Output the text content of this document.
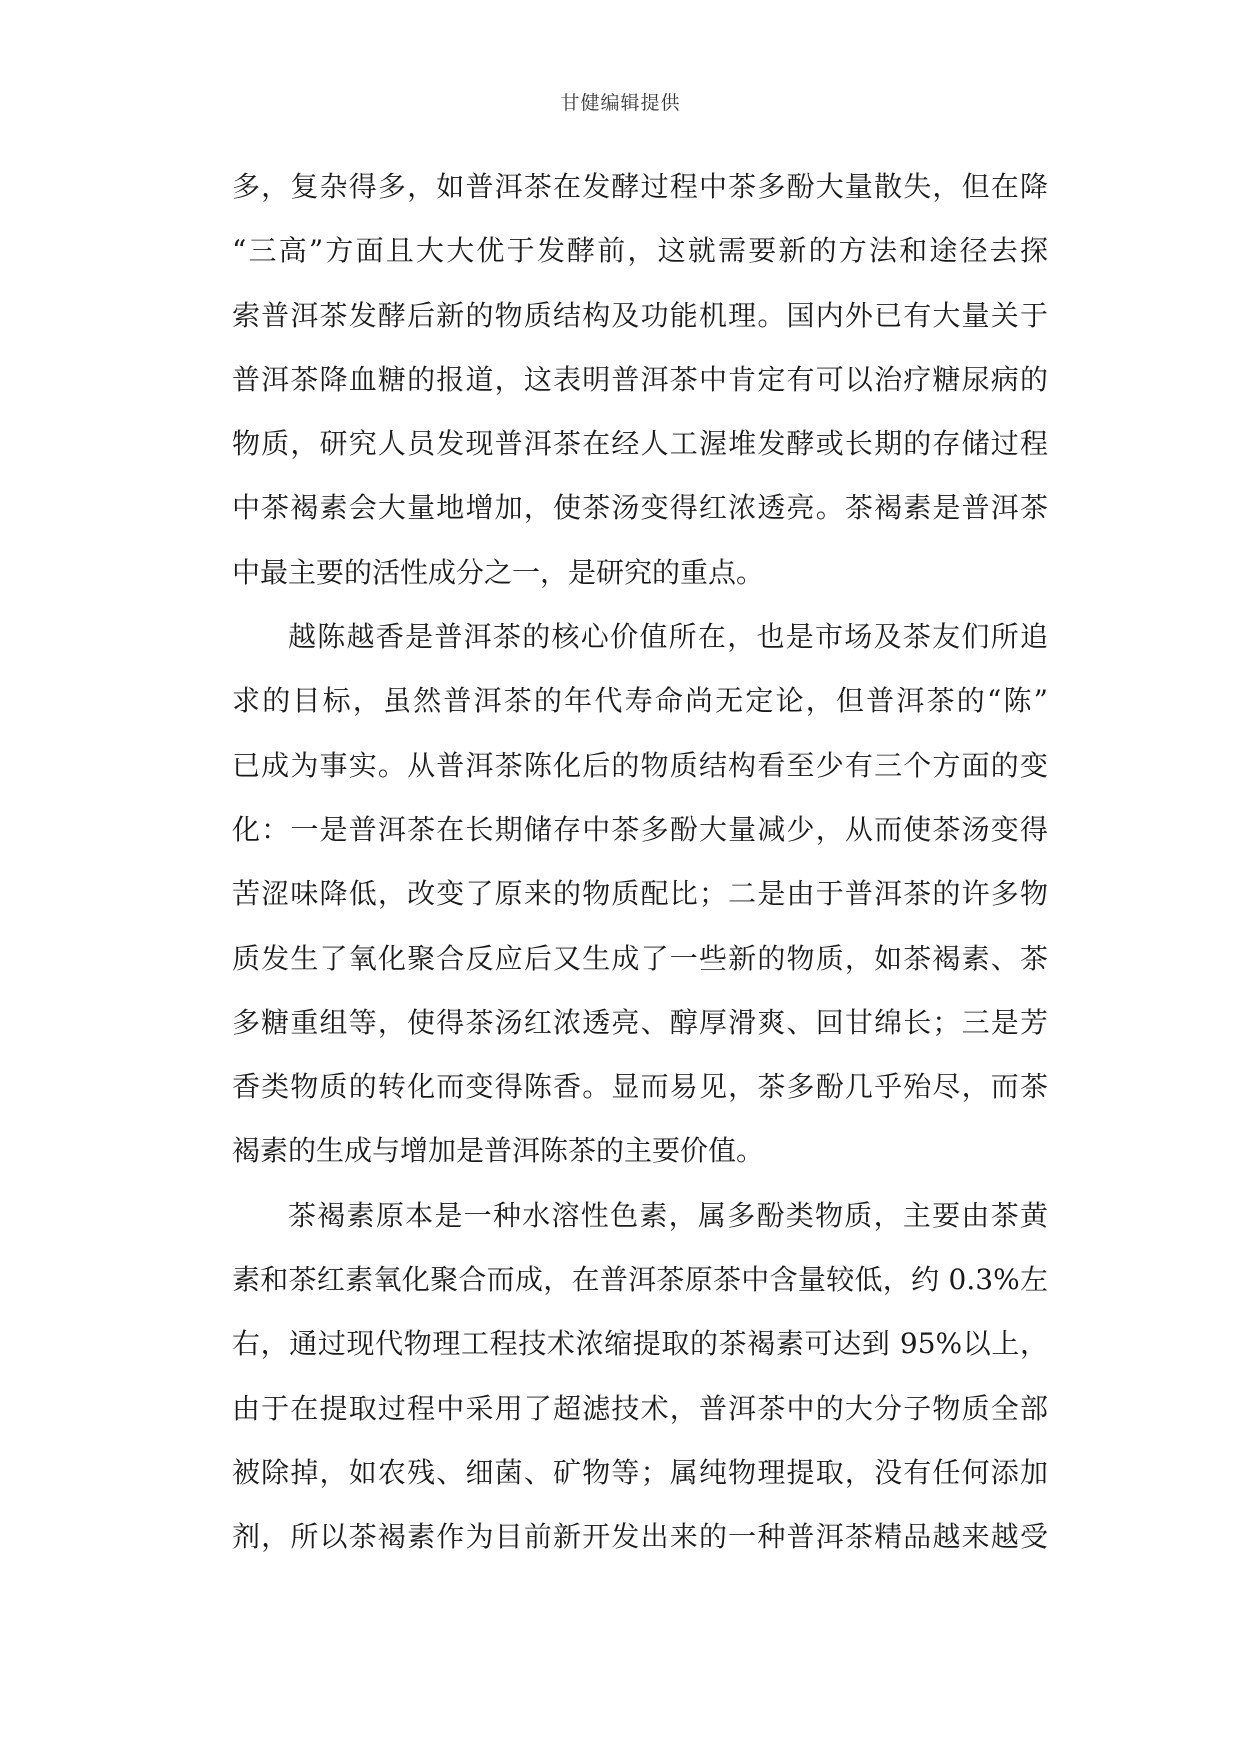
甘健编辑提供
多，复杂得多，如普洱茶在发酵过程中茶多酚大量散失，但在降
“三高”方面且大大优于发酵前，这就需要新的方法和途径去探
索普洱茶发酵后新的物质结构及功能机理。国内外已有大量关于
普洱茶降血糖的报道，这表明普洱茶中肯定有可以治疗糖尿病的
物质，研究人员发现普洱茶在经人工渥堆发酵或长期的存储过程
中茶褐素会大量地增加，使茶汤变得红浓透亮。茶褐素是普洱茶
中最主要的活性成分之一，是研究的重点。
越陈越香是普洱茶的核心价值所在，也是市场及茶友们所追
求的目标，虽然普洱茶的年代寿命尚无定论，但普洱茶的“陈”
已成为事实。从普洱茶陈化后的物质结构看至少有三个方面的变
化：一是普洱茶在长期储存中茶多酚大量减少，从而使茶汤变得
苦涩味降低，改变了原来的物质配比；二是由于普洱茶的许多物
质发生了氧化聚合反应后又生成了一些新的物质，如茶褐素、茶
多糖重组等，使得茶汤红浓透亮、醇厚滑爽、回甘绵长；三是芳
香类物质的转化而变得陈香。显而易见，茶多酚几乎殆尽，而茶
褐素的生成与增加是普洱陈茶的主要价值。
茶褐素原本是一种水溶性色素，属多酚类物质，主要由茶黄
素和茶红素氧化聚合而成，在普洱茶原茶中含量较低，约 0.3%左
右，通过现代物理工程技术浓缩提取的茶褐素可达到 95%以上，
由于在提取过程中采用了超滤技术，普洱茶中的大分子物质全部
被除掉，如农残、细菌、矿物等；属纯物理提取，没有任何添加
剂，所以茶褐素作为目前新开发出来的一种普洱茶精品越来越受
